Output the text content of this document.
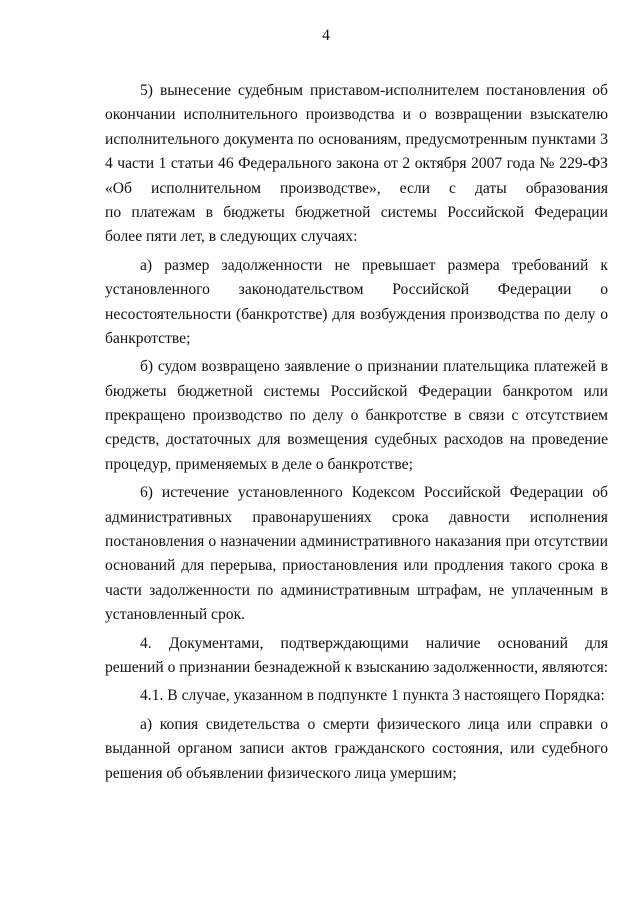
4
5) вынесение судебным приставом-исполнителем постановления об
окончании исполнительного производства и о возвращении взыскателю
исполнительного документа по основаниям, предусмотренным пунктами 3
4 части 1 статьи 46 Федерального закона от 2 октября 2007 года № 229-ФЗ
«Об исполнительном производстве», если с даты образования
по платежам в бюджеты бюджетной системы Российской Федерации
более пяти лет, в следующих случаях:
а) размер задолженности не превышает размера требований к
установленного законодательством Российской Федерации о
несостоятельности (банкротстве) для возбуждения производства по делу о
банкротстве;
б) судом возвращено заявление о признании плательщика платежей в
бюджеты бюджетной системы Российской Федерации банкротом или
прекращено производство по делу о банкротстве в связи с отсутствием
средств, достаточных для возмещения судебных расходов на проведение
процедур, применяемых в деле о банкротстве;
6) истечение установленного Кодексом Российской Федерации об
административных правонарушениях срока давности исполнения
постановления о назначении административного наказания при отсутствии
оснований для перерыва, приостановления или продления такого срока в
части задолженности по административным штрафам, не уплаченным в
установленный срок.
4. Документами, подтверждающими наличие оснований для
решений о признании безнадежной к взысканию задолженности, являются:
4.1. В случае, указанном в подпункте 1 пункта 3 настоящего Порядка:
а) копия свидетельства о смерти физического лица или справки о
выданной органом записи актов гражданского состояния, или судебного
решения об объявлении физического лица умершим;
